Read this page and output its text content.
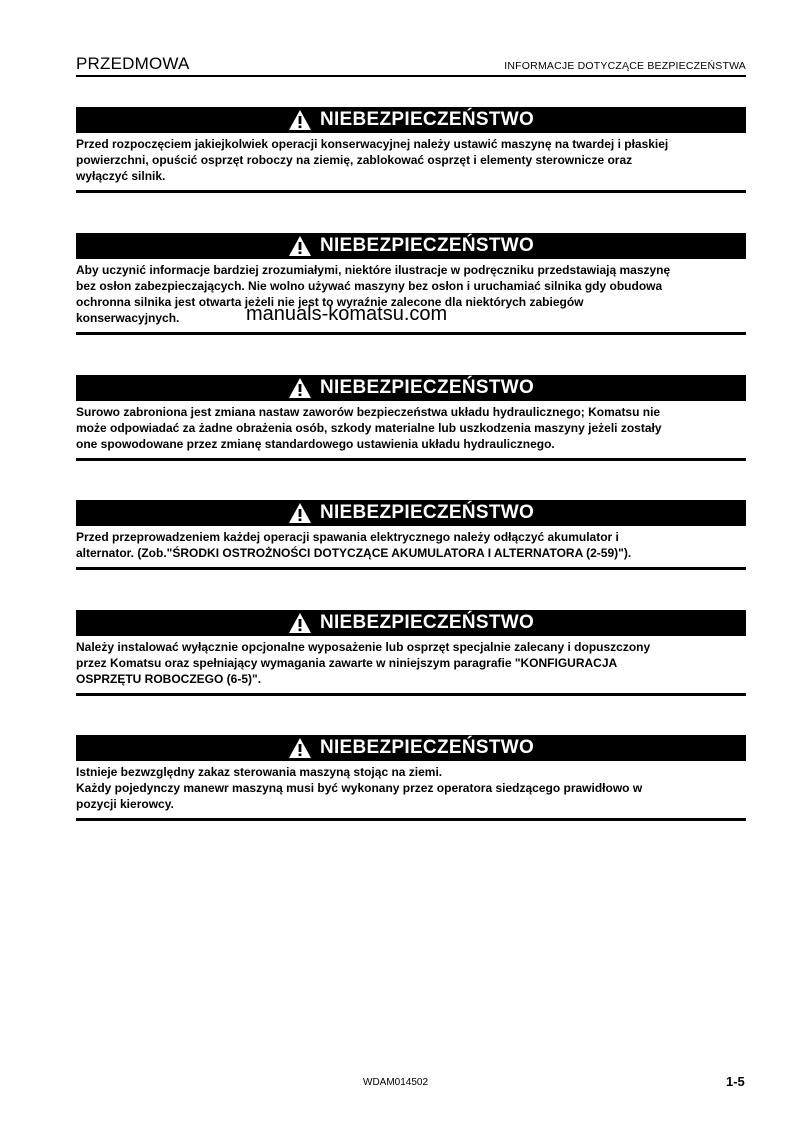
PRZEDMOWA	INFORMACJE DOTYCZĄCE BEZPIECZEŃSTWA
NIEBEZPIECZEŃSTWO
Przed rozpoczęciem jakiejkolwiek operacji konserwacyjnej należy ustawić maszynę na twardej i płaskiej
powierzchni, opuścić osprzęt roboczy na ziemię, zablokować osprzęt i elementy sterownicze oraz
wyłączyć silnik.
NIEBEZPIECZEŃSTWO
Aby uczynić informacje bardziej zrozumiałymi, niektóre ilustracje w podręczniku przedstawiają maszynę
bez osłon zabezpieczających. Nie wolno używać maszyny bez osłon i uruchamiać silnika gdy obudowa
ochronna silnika jest otwarta jeżeli nie jest to wyraźnie zalecone dla niektórych zabiegów
konserwacyjnych.
NIEBEZPIECZEŃSTWO
Surowo zabroniona jest zmiana nastaw zaworów bezpieczeństwa układu hydraulicznego; Komatsu nie
może odpowiadać za żadne obrażenia osób, szkody materialne lub uszkodzenia maszyny jeżeli zostały
one spowodowane przez zmianę standardowego ustawienia układu hydraulicznego.
NIEBEZPIECZEŃSTWO
Przed przeprowadzeniem każdej operacji spawania elektrycznego należy odłączyć akumulator i
alternator. (Zob."ŚRODKI OSTROŻNOŚCI DOTYCZĄCE AKUMULATORA I ALTERNATORA (2-59)").
NIEBEZPIECZEŃSTWO
Należy instalować wyłącznie opcjonalne wyposażenie lub osprzęt specjalnie zalecany i dopuszczony
przez Komatsu oraz spełniający wymagania zawarte w niniejszym paragrafie "KONFIGURACJA
OSPRZĘTU ROBOCZEGO (6-5)".
NIEBEZPIECZEŃSTWO
Istnieje bezwzględny zakaz sterowania maszyną stojąc na ziemi.
Każdy pojedynczy manewr maszyną musi być wykonany przez operatora siedzącego prawidłowo w
pozycji kierowcy.
manuals-komatsu.com
WDAM014502	1-5
